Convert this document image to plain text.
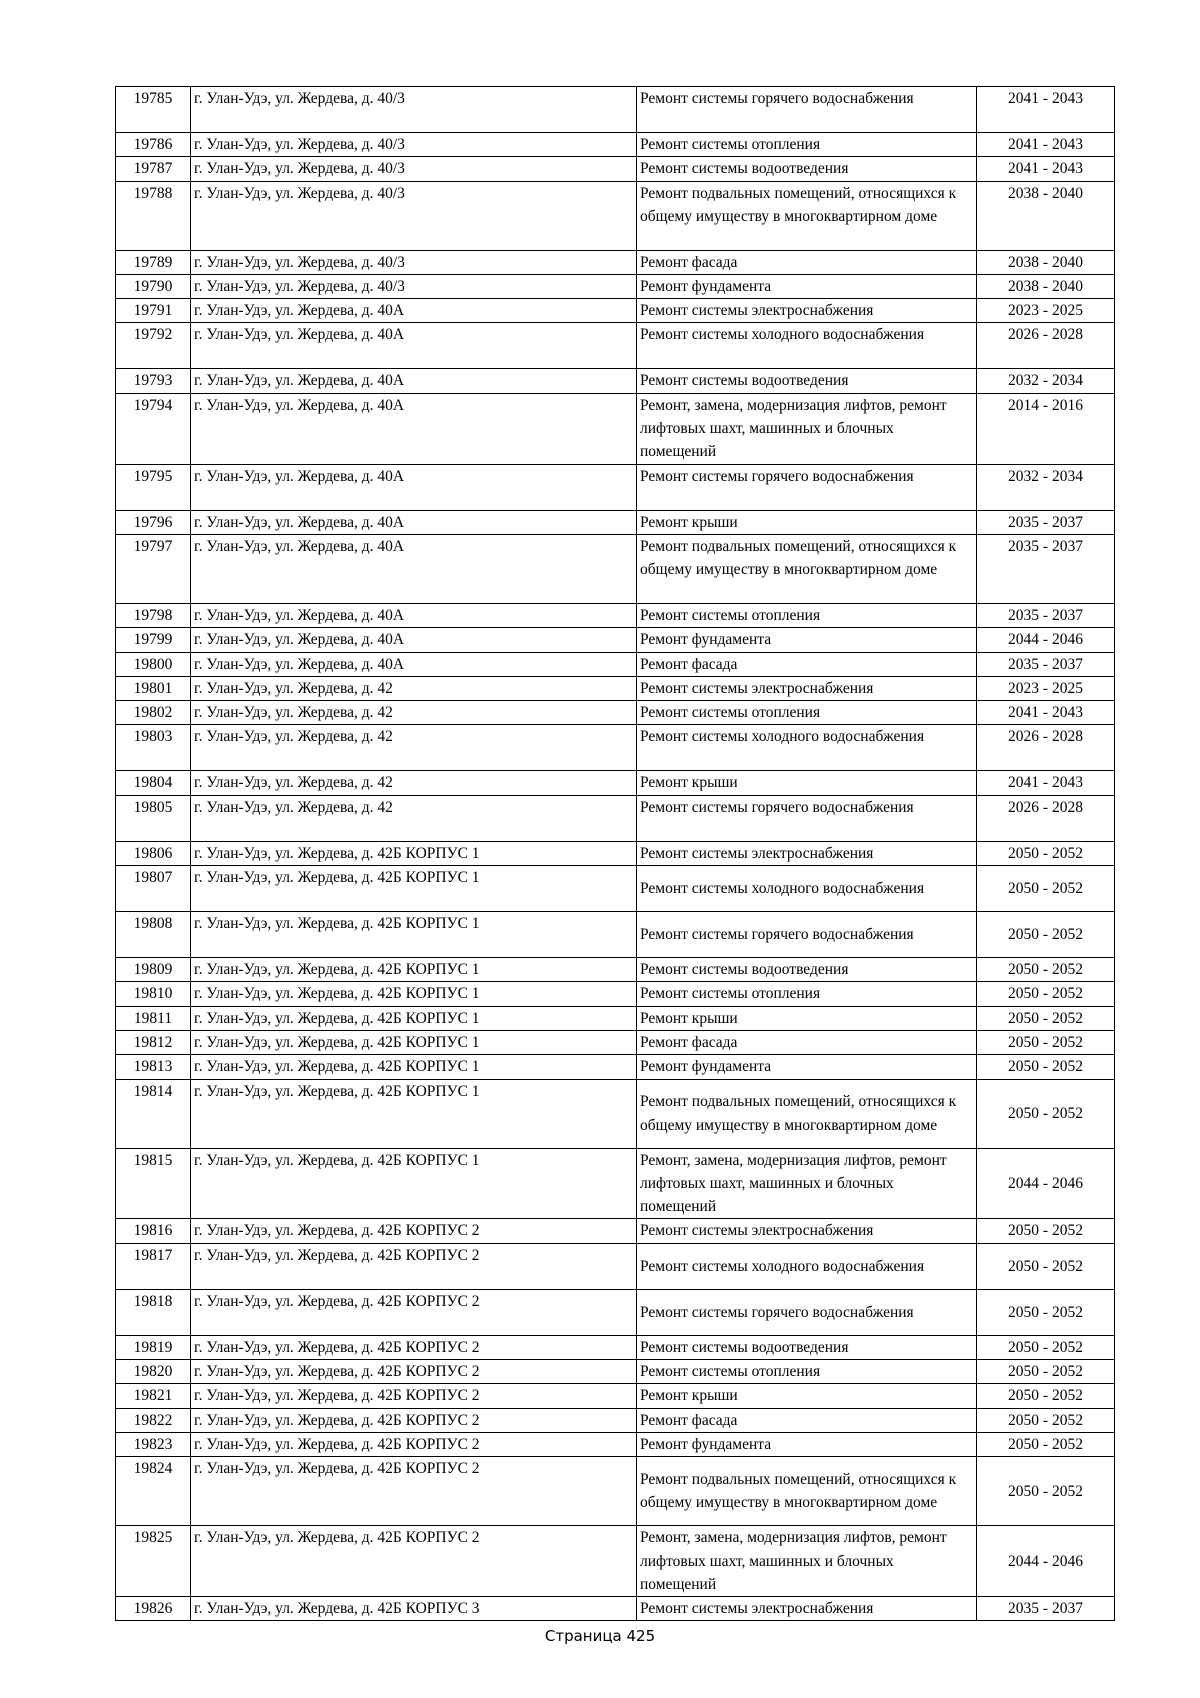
19785	г. Улан-Удэ, ул. Жердева, д. 40/3	Ремонт системы горячего водоснабжения	2041 - 2043
19786	г. Улан-Удэ, ул. Жердева, д. 40/3	Ремонт системы отопления	2041 - 2043
19787	г. Улан-Удэ, ул. Жердева, д. 40/3	Ремонт системы водоотведения	2041 - 2043
19788	г. Улан-Удэ, ул. Жердева, д. 40/3	Ремонт подвальных помещений, относящихся к общему имуществу в многоквартирном доме	2038 - 2040
19789	г. Улан-Удэ, ул. Жердева, д. 40/3	Ремонт фасада	2038 - 2040
19790	г. Улан-Удэ, ул. Жердева, д. 40/3	Ремонт фундамента	2038 - 2040
19791	г. Улан-Удэ, ул. Жердева, д. 40А	Ремонт системы электроснабжения	2023 - 2025
19792	г. Улан-Удэ, ул. Жердева, д. 40А	Ремонт системы холодного водоснабжения	2026 - 2028
19793	г. Улан-Удэ, ул. Жердева, д. 40А	Ремонт системы водоотведения	2032 - 2034
19794	г. Улан-Удэ, ул. Жердева, д. 40А	Ремонт, замена, модернизация лифтов, ремонт лифтовых шахт, машинных и блочных помещений	2014 - 2016
19795	г. Улан-Удэ, ул. Жердева, д. 40А	Ремонт системы горячего водоснабжения	2032 - 2034
19796	г. Улан-Удэ, ул. Жердева, д. 40А	Ремонт крыши	2035 - 2037
19797	г. Улан-Удэ, ул. Жердева, д. 40А	Ремонт подвальных помещений, относящихся к общему имуществу в многоквартирном доме	2035 - 2037
19798	г. Улан-Удэ, ул. Жердева, д. 40А	Ремонт системы отопления	2035 - 2037
19799	г. Улан-Удэ, ул. Жердева, д. 40А	Ремонт фундамента	2044 - 2046
19800	г. Улан-Удэ, ул. Жердева, д. 40А	Ремонт фасада	2035 - 2037
19801	г. Улан-Удэ, ул. Жердева, д. 42	Ремонт системы электроснабжения	2023 - 2025
19802	г. Улан-Удэ, ул. Жердева, д. 42	Ремонт системы отопления	2041 - 2043
19803	г. Улан-Удэ, ул. Жердева, д. 42	Ремонт системы холодного водоснабжения	2026 - 2028
19804	г. Улан-Удэ, ул. Жердева, д. 42	Ремонт крыши	2041 - 2043
19805	г. Улан-Удэ, ул. Жердева, д. 42	Ремонт системы горячего водоснабжения	2026 - 2028
19806	г. Улан-Удэ, ул. Жердева, д. 42Б КОРПУС 1	Ремонт системы электроснабжения	2050 - 2052
19807	г. Улан-Удэ, ул. Жердева, д. 42Б КОРПУС 1	Ремонт системы холодного водоснабжения	2050 - 2052
19808	г. Улан-Удэ, ул. Жердева, д. 42Б КОРПУС 1	Ремонт системы горячего водоснабжения	2050 - 2052
19809	г. Улан-Удэ, ул. Жердева, д. 42Б КОРПУС 1	Ремонт системы водоотведения	2050 - 2052
19810	г. Улан-Удэ, ул. Жердева, д. 42Б КОРПУС 1	Ремонт системы отопления	2050 - 2052
19811	г. Улан-Удэ, ул. Жердева, д. 42Б КОРПУС 1	Ремонт крыши	2050 - 2052
19812	г. Улан-Удэ, ул. Жердева, д. 42Б КОРПУС 1	Ремонт фасада	2050 - 2052
19813	г. Улан-Удэ, ул. Жердева, д. 42Б КОРПУС 1	Ремонт фундамента	2050 - 2052
19814	г. Улан-Удэ, ул. Жердева, д. 42Б КОРПУС 1	Ремонт подвальных помещений, относящихся к общему имуществу в многоквартирном доме	2050 - 2052
19815	г. Улан-Удэ, ул. Жердева, д. 42Б КОРПУС 1	Ремонт, замена, модернизация лифтов, ремонт лифтовых шахт, машинных и блочных помещений	2044 - 2046
19816	г. Улан-Удэ, ул. Жердева, д. 42Б КОРПУС 2	Ремонт системы электроснабжения	2050 - 2052
19817	г. Улан-Удэ, ул. Жердева, д. 42Б КОРПУС 2	Ремонт системы холодного водоснабжения	2050 - 2052
19818	г. Улан-Удэ, ул. Жердева, д. 42Б КОРПУС 2	Ремонт системы горячего водоснабжения	2050 - 2052
19819	г. Улан-Удэ, ул. Жердева, д. 42Б КОРПУС 2	Ремонт системы водоотведения	2050 - 2052
19820	г. Улан-Удэ, ул. Жердева, д. 42Б КОРПУС 2	Ремонт системы отопления	2050 - 2052
19821	г. Улан-Удэ, ул. Жердева, д. 42Б КОРПУС 2	Ремонт крыши	2050 - 2052
19822	г. Улан-Удэ, ул. Жердева, д. 42Б КОРПУС 2	Ремонт фасада	2050 - 2052
19823	г. Улан-Удэ, ул. Жердева, д. 42Б КОРПУС 2	Ремонт фундамента	2050 - 2052
19824	г. Улан-Удэ, ул. Жердева, д. 42Б КОРПУС 2	Ремонт подвальных помещений, относящихся к общему имуществу в многоквартирном доме	2050 - 2052
19825	г. Улан-Удэ, ул. Жердева, д. 42Б КОРПУС 2	Ремонт, замена, модернизация лифтов, ремонт лифтовых шахт, машинных и блочных помещений	2044 - 2046
19826	г. Улан-Удэ, ул. Жердева, д. 42Б КОРПУС 3	Ремонт системы электроснабжения	2035 - 2037
Страница 425
